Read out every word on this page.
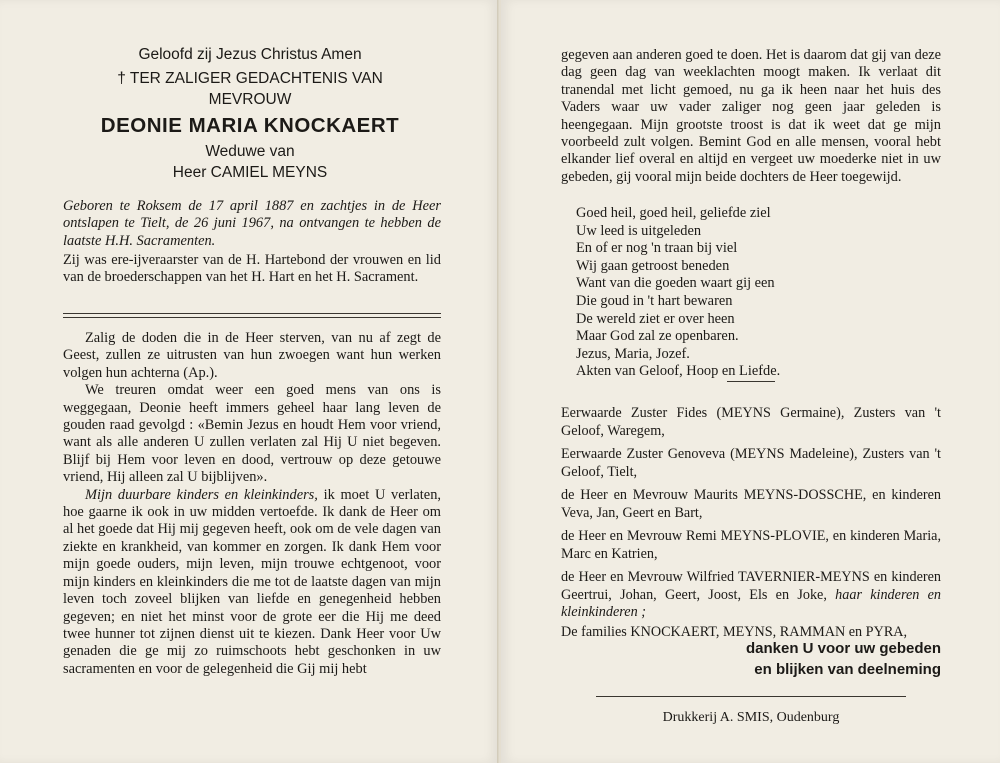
Geloofd zij Jezus Christus Amen
† TER ZALIGER GEDACHTENIS VAN
MEVROUW
DEONIE MARIA KNOCKAERT
Weduwe van
Heer CAMIEL MEYNS
Geboren te Roksem de 17 april 1887 en zachtjes in de Heer ontslapen te Tielt, de 26 juni 1967, na ontvangen te hebben de laatste H.H. Sacramenten.
Zij was ere-ijveraarster van de H. Hartebond der vrouwen en lid van de broederschappen van het H. Hart en het H. Sacrament.

Zalig de doden die in de Heer sterven, van nu af zegt de Geest, zullen ze uitrusten van hun zwoegen want hun werken volgen hun achterna (Ap.).

We treuren omdat weer een goed mens van ons is weggegaan, Deonie heeft immers geheel haar lang leven de gouden raad gevolgd : «Bemin Jezus en houdt Hem voor vriend, want als alle anderen U zullen verlaten zal Hij U niet begeven. Blijf bij Hem voor leven en dood, vertrouw op deze getouwe vriend, Hij alleen zal U bijblijven».

Mijn duurbare kinders en kleinkinders, ik moet U verlaten, hoe gaarne ik ook in uw midden vertoefde. Ik dank de Heer om al het goede dat Hij mij gegeven heeft, ook om de vele dagen van ziekte en krankheid, van kommer en zorgen. Ik dank Hem voor mijn goede ouders, mijn leven, mijn trouwe echtgenoot, voor mijn kinders en kleinkinders die me tot de laatste dagen van mijn leven toch zoveel blijken van liefde en genegenheid hebben gegeven; en niet het minst voor de grote eer die Hij me deed twee hunner tot zijnen dienst uit te kiezen. Dank Heer voor Uw genaden die ge mij zo ruimschoots hebt geschonken in uw sacramenten en voor de gelegenheid die Gij mij hebt

gegeven aan anderen goed te doen. Het is daarom dat gij van deze dag geen dag van weeklachten moogt maken. Ik verlaat dit tranendal met licht gemoed, nu ga ik heen naar het huis des Vaders waar uw vader zaliger nog geen jaar geleden is heengegaan. Mijn grootste troost is dat ik weet dat ge mijn voorbeeld zult volgen. Bemint God en alle mensen, vooral hebt elkander lief overal en altijd en vergeet uw moederke niet in uw gebeden, gij vooral mijn beide dochters de Heer toegewijd.

Goed heil, goed heil, geliefde ziel
Uw leed is uitgeleden
En of er nog 'n traan bij viel
Wij gaan getroost beneden
Want van die goeden waart gij een
Die goud in 't hart bewaren
De wereld ziet er over heen
Maar God zal ze openbaren.
Jezus, Maria, Jozef.
Akten van Geloof, Hoop en Liefde.

Eerwaarde Zuster Fides (MEYNS Germaine), Zusters van 't Geloof, Waregem,

Eerwaarde Zuster Genoveva (MEYNS Madeleine), Zusters van 't Geloof, Tielt,

de Heer en Mevrouw Maurits MEYNS-DOSSCHE, en kinderen Veva, Jan, Geert en Bart,

de Heer en Mevrouw Remi MEYNS-PLOVIE, en kinderen Maria, Marc en Katrien,

de Heer en Mevrouw Wilfried TAVERNIER-MEYNS en kinderen Geertrui, Johan, Geert, Joost, Els en Joke, haar kinderen en kleinkinderen ;

De families KNOCKAERT, MEYNS, RAMMAN en PYRA,

danken U voor uw gebeden
en blijken van deelneming
Drukkerij A. SMIS, Oudenburg
